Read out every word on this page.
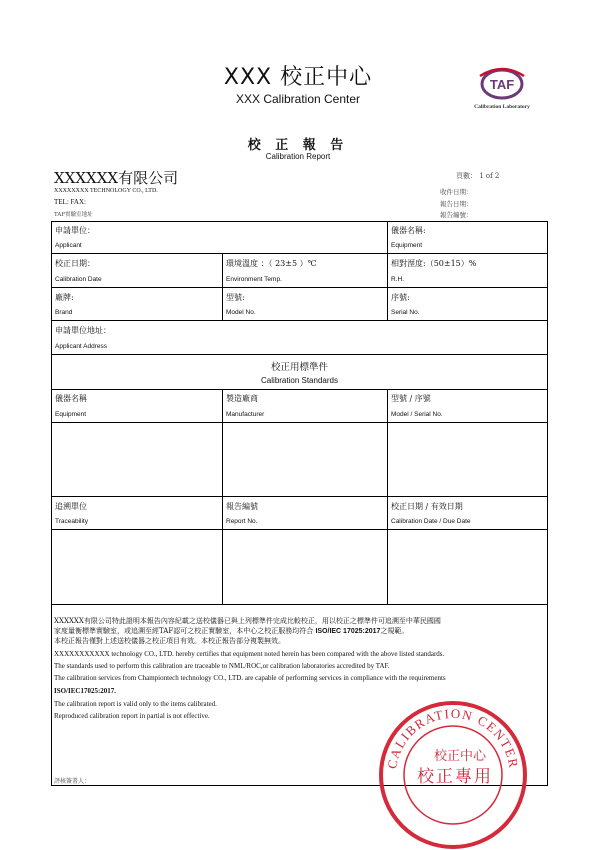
XXX 校正中心
XXX Calibration Center
TAF
Calibration Laboratory
校 正 報 告
Calibration Report
XXXXXX有限公司
XXXXXXXX TECHNOLOGY CO., LTD.
TEL: FAX:
TAF實驗室地址
頁數： 1 of 2
收件日期：
報告日期：
報告編號：
申請單位：
Applicant
儀器名稱:
Equipment
校正日期：
Calibration Date
環境溫度 ：（ 23±5 ）℃
Environment Temp.
相對溼度:（50±15）%
R.H.
廠牌:
Brand
型號:
Model No.
序號:
Serial No.
申請單位地址：
Applicant Address
校正用標準件
Calibration Standards
儀器名稱
Equipment
製造廠商
Manufacturer
型號 / 序號
Model / Serial No.
追溯單位
Traceability
報告編號
Report No.
校正日期 / 有效日期
Calibration Date / Due Date
XXXXXX有限公司特此證明本報告內容紀載之送校儀器已與上列標準件完成比較校正，用以校正之標準件可追溯至中華民國國
家度量衡標準實驗室，或追溯至經TAF認可之校正實驗室，本中心之校正服務均符合 ISO/IEC 17025:2017之規範。
本校正報告僅對上述送校儀器之校正項目有效。本校正報告部分複製無效。
XXXXXXXXXXX technology CO., LTD. hereby certifies that equipment noted herein has been compared with the above listed standards.
The standards used to perform this calibration are traceable to NML/ROC,or calibration laboratories accredited by TAF.
The calibration services from Championtech technology CO., LTD. are capable of performing services in compliance with the requirements
ISO/IEC17025:2017.
The calibration report is valid only to the items calibrated.
Reproduced calibration report in partial is not effective.
CALIBRATION CENTER
校正中心
校正專用
評核簽署人：
